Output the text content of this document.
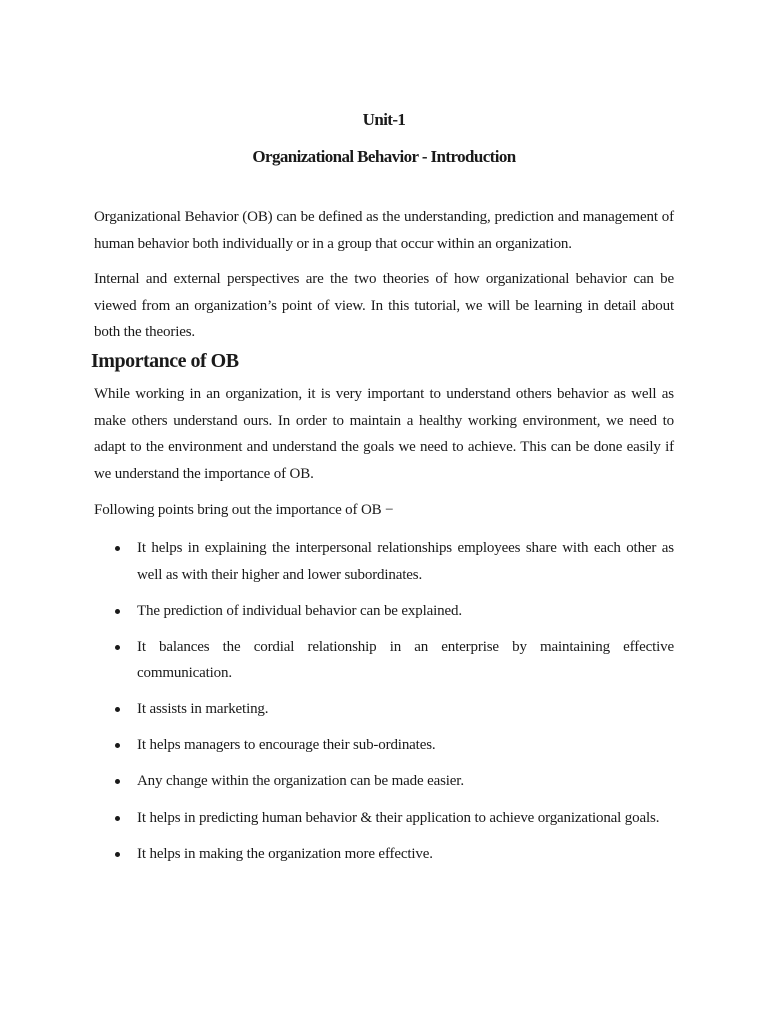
Unit-1
Organizational Behavior - Introduction

Organizational Behavior (OB) can be defined as the understanding, prediction and management of human behavior both individually or in a group that occur within an organization.

Internal and external perspectives are the two theories of how organizational behavior can be viewed from an organization’s point of view. In this tutorial, we will be learning in detail about both the theories.

Importance of OB

While working in an organization, it is very important to understand others behavior as well as make others understand ours. In order to maintain a healthy working environment, we need to adapt to the environment and understand the goals we need to achieve. This can be done easily if we understand the importance of OB.

Following points bring out the importance of OB −

It helps in explaining the interpersonal relationships employees share with each other as well as with their higher and lower subordinates.
The prediction of individual behavior can be explained.
It balances the cordial relationship in an enterprise by maintaining effective communication.
It assists in marketing.
It helps managers to encourage their sub-ordinates.
Any change within the organization can be made easier.
It helps in predicting human behavior & their application to achieve organizational goals.
It helps in making the organization more effective.
